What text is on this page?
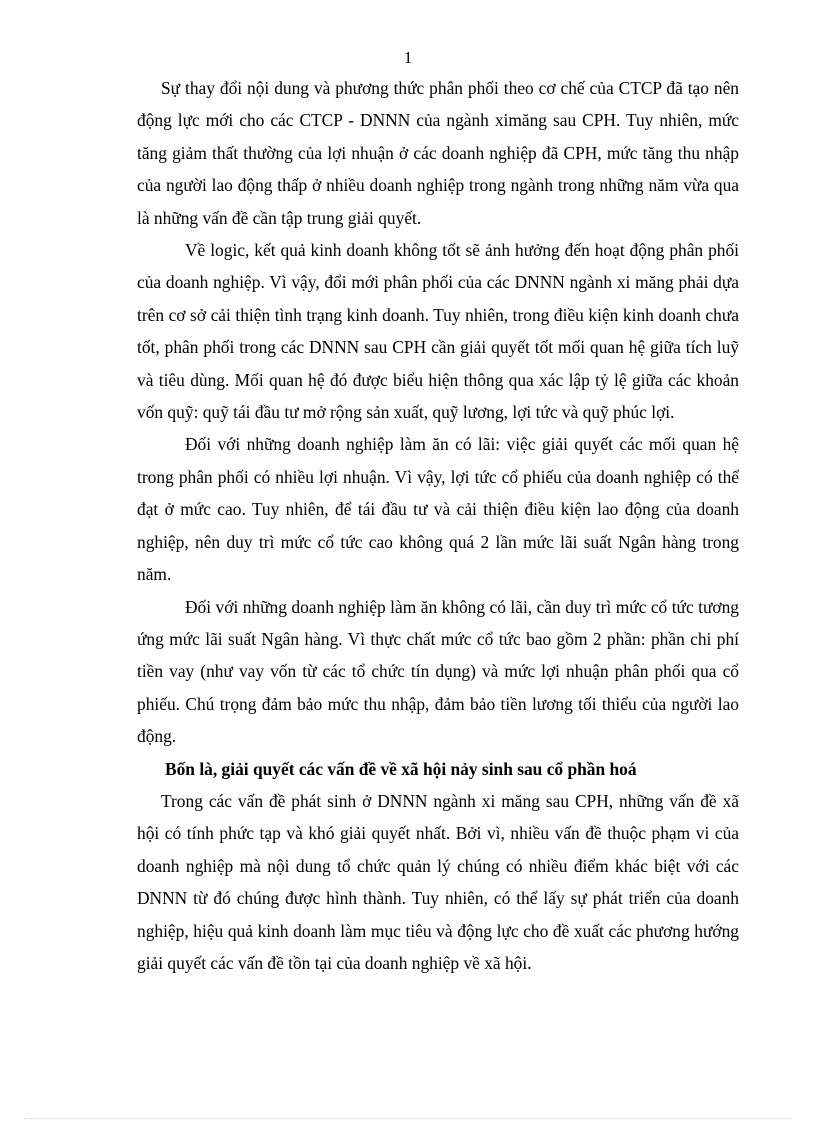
1

Sự thay đổi nội dung và phương thức phân phối theo cơ chế của CTCP đã tạo nên động lực mới cho các CTCP - DNNN của ngành ximăng sau CPH. Tuy nhiên, mức tăng giảm thất thường của lợi nhuận ở các doanh nghiệp đã CPH, mức tăng thu nhập của người lao động thấp ở nhiều doanh nghiệp trong ngành trong những năm vừa qua là những vấn đề cần tập trung giải quyết.

Về logic, kết quả kinh doanh không tốt sẽ ảnh hưởng đến hoạt động phân phối của doanh nghiệp. Vì vậy, đổi mới phân phối của các DNNN ngành xi măng phải dựa trên cơ sở cải thiện tình trạng kinh doanh. Tuy nhiên, trong điều kiện kinh doanh chưa tốt, phân phối trong các DNNN sau CPH cần giải quyết tốt mối quan hệ giữa tích luỹ và tiêu dùng. Mối quan hệ đó được biểu hiện thông qua xác lập tỷ lệ giữa các khoản vốn quỹ: quỹ tái đầu tư mở rộng sản xuất, quỹ lương, lợi tức và quỹ phúc lợi.

Đối với những doanh nghiệp làm ăn có lãi: việc giải quyết các mối quan hệ trong phân phối có nhiều lợi nhuận. Vì vậy, lợi tức cổ phiếu của doanh nghiệp có thể đạt ở mức cao. Tuy nhiên, để tái đầu tư và cải thiện điều kiện lao động của doanh nghiệp, nên duy trì mức cổ tức cao không quá 2 lần mức lãi suất Ngân hàng trong năm.

Đối với những doanh nghiệp làm ăn không có lãi, cần duy trì mức cổ tức tương ứng mức lãi suất Ngân hàng. Vì thực chất mức cổ tức bao gồm 2 phần: phần chi phí tiền vay (như vay vốn từ các tổ chức tín dụng) và mức lợi nhuận phân phối qua cổ phiếu. Chú trọng đảm bảo mức thu nhập, đảm bảo tiền lương tối thiểu của người lao động.

Bốn là, giải quyết các vấn đề về xã hội nảy sinh sau cổ phần hoá

Trong các vấn đề phát sinh ở DNNN ngành xi măng sau CPH, những vấn đề xã hội có tính phức tạp và khó giải quyết nhất. Bởi vì, nhiều vấn đề thuộc phạm vi của doanh nghiệp mà nội dung tổ chức quản lý chúng có nhiều điểm khác biệt với các DNNN từ đó chúng được hình thành. Tuy nhiên, có thể lấy sự phát triển của doanh nghiệp, hiệu quả kinh doanh làm mục tiêu và động lực cho đề xuất các phương hướng giải quyết các vấn đề tồn tại của doanh nghiệp về xã hội.
